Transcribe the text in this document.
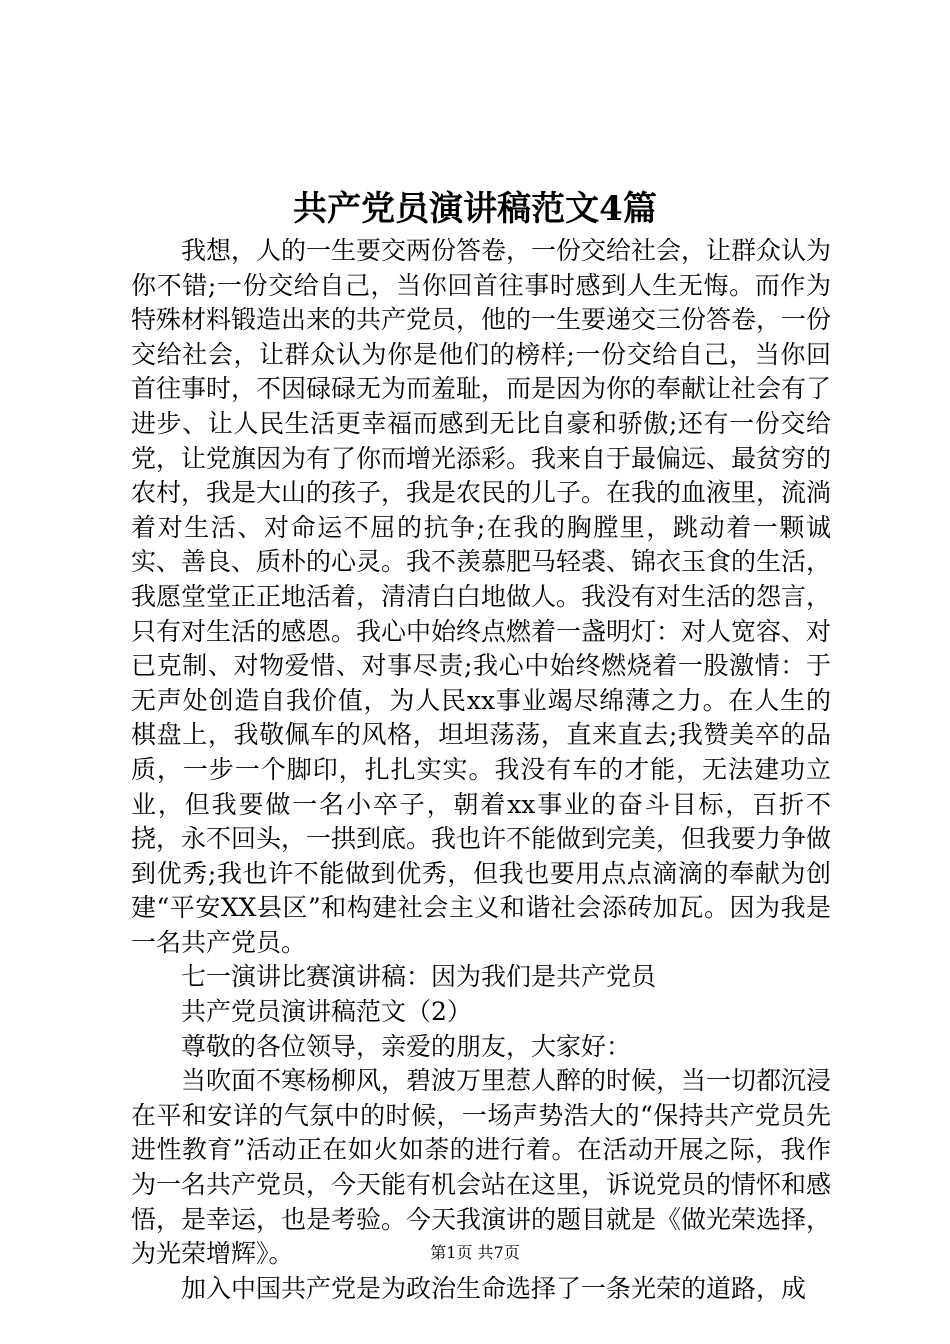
共产党员演讲稿范文4篇

我想，人的一生要交两份答卷，一份交给社会，让群众认为你不错;一份交给自己，当你回首往事时感到人生无悔。而作为特殊材料锻造出来的共产党员，他的一生要递交三份答卷，一份交给社会，让群众认为你是他们的榜样;一份交给自己，当你回首往事时，不因碌碌无为而羞耻，而是因为你的奉献让社会有了进步、让人民生活更幸福而感到无比自豪和骄傲;还有一份交给党，让党旗因为有了你而增光添彩。我来自于最偏远、最贫穷的农村，我是大山的孩子，我是农民的儿子。在我的血液里，流淌着对生活、对命运不屈的抗争;在我的胸膛里，跳动着一颗诚实、善良、质朴的心灵。我不羡慕肥马轻裘、锦衣玉食的生活，我愿堂堂正正地活着，清清白白地做人。我没有对生活的怨言，只有对生活的感恩。我心中始终点燃着一盏明灯：对人宽容、对已克制、对物爱惜、对事尽责;我心中始终燃烧着一股激情：于无声处创造自我价值，为人民xx事业竭尽绵薄之力。在人生的棋盘上，我敬佩车的风格，坦坦荡荡，直来直去;我赞美卒的品质，一步一个脚印，扎扎实实。我没有车的才能，无法建功立业，但我要做一名小卒子，朝着xx事业的奋斗目标，百折不挠，永不回头，一拱到底。我也许不能做到完美，但我要力争做到优秀;我也许不能做到优秀，但我也要用点点滴滴的奉献为创建“平安XX县区”和构建社会主义和谐社会添砖加瓦。因为我是一名共产党员。

七一演讲比赛演讲稿：因为我们是共产党员

共产党员演讲稿范文（2）

尊敬的各位领导，亲爱的朋友，大家好：

当吹面不寒杨柳风，碧波万里惹人醉的时候，当一切都沉浸在平和安详的气氛中的时候，一场声势浩大的“保持共产党员先进性教育”活动正在如火如荼的进行着。在活动开展之际，我作为一名共产党员，今天能有机会站在这里，诉说党员的情怀和感悟，是幸运，也是考验。今天我演讲的题目就是《做光荣选择，为光荣增辉》。

加入中国共产党是为政治生命选择了一条光荣的道路，成

第1页 共7页
